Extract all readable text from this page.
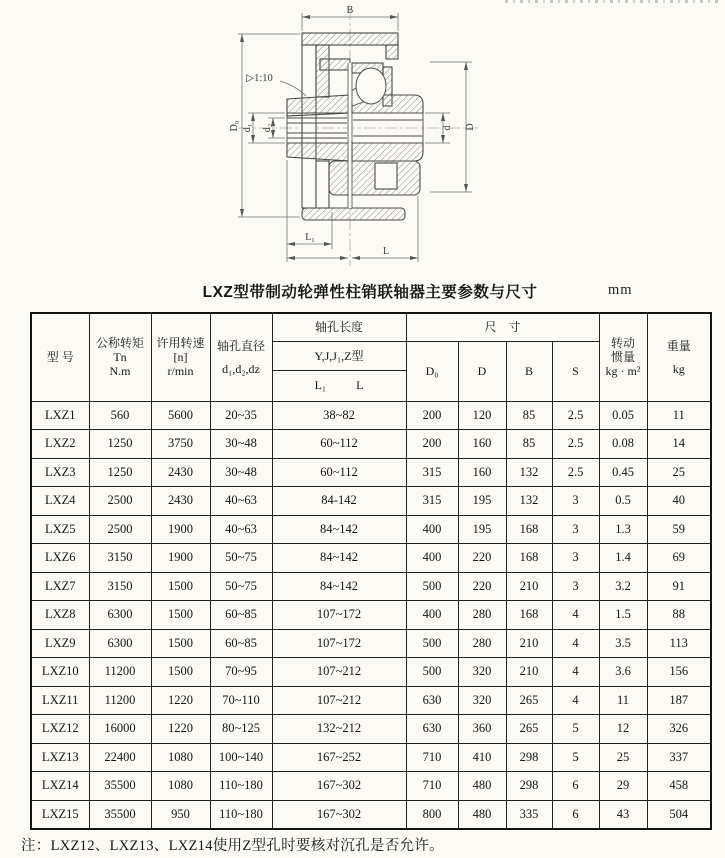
B
D₀ d₁ d₂	d D
L₁
L
▷1:10
LXZ型带制动轮弹性柱销联轴器主要参数与尺寸	mm
型 号

公称转矩Tn
N.m

许用转速
[n]
r/min

轴孔直径
d₁,d₂,dz

轴孔长度	尺　寸

转动
惯量
kg · m²

重量
kg

				Y,J,J₁,Z型	D₀	D	B	S		

				L₁ L						

LXZ1	560	5600	20~35	38~82	200	120	85	2.5	0.05	11
LXZ2	1250	3750	30~48	60~112	200	160	85	2.5	0.08	14
LXZ3	1250	2430	30~48	60~112	315	160	132	2.5	0.45	25
LXZ4	2500	2430	40~63	84-142	315	195	132	3	0.5	40
LXZ5	2500	1900	40~63	84~142	400	195	168	3	1.3	59
LXZ6	3150	1900	50~75	84~142	400	220	168	3	1.4	69
LXZ7	3150	1500	50~75	84~142	500	220	210	3	3.2	91
LXZ8	6300	1500	60~85	107~172	400	280	168	4	1.5	88
LXZ9	6300	1500	60~85	107~172	500	280	210	4	3.5	113
LXZ10	11200	1500	70~95	107~212	500	320	210	4	3.6	156
LXZ11	11200	1220	70~110	107~212	630	320	265	4	11	187
LXZ12	16000	1220	80~125	132~212	630	360	265	5	12	326
LXZ13	22400	1080	100~140	167~252	710	410	298	5	25	337
LXZ14	35500	1080	110~180	167~302	710	480	298	6	29	458
LXZ15	35500	950	110~180	167~302	800	480	335	6	43	504
注：LXZ12、LXZ13、LXZ14使用Z型孔时要核对沉孔是否允许。
